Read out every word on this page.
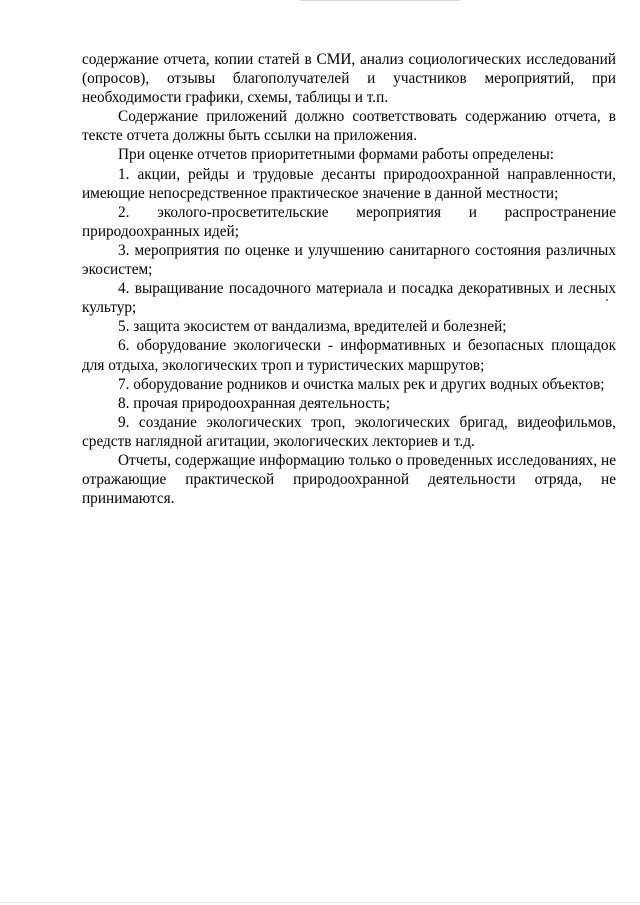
содержание отчета, копии статей в СМИ, анализ социологических исследований (опросов), отзывы благополучателей и участников мероприятий, при необходимости графики, схемы, таблицы и т.п.

Содержание приложений должно соответствовать содержанию отчета, в тексте отчета должны быть ссылки на приложения.

При оценке отчетов приоритетными формами работы определены:

1. акции, рейды и трудовые десанты природоохранной направленности, имеющие непосредственное практическое значение в данной местности;

2. эколого-просветительские мероприятия и распространение природоохранных идей;

3. мероприятия по оценке и улучшению санитарного состояния различных экосистем;

4. выращивание посадочного материала и посадка декоративных и лесных культур;

5. защита экосистем от вандализма, вредителей и болезней;

6. оборудование экологически - информативных и безопасных площадок для отдыха, экологических троп и туристических маршрутов;

7. оборудование родников и очистка малых рек и других водных объектов;

8. прочая природоохранная деятельность;

9. создание экологических троп, экологических бригад, видеофильмов, средств наглядной агитации, экологических лекториев и т.д.

Отчеты, содержащие информацию только о проведенных исследованиях, не отражающие практической природоохранной деятельности отряда, не принимаются.
